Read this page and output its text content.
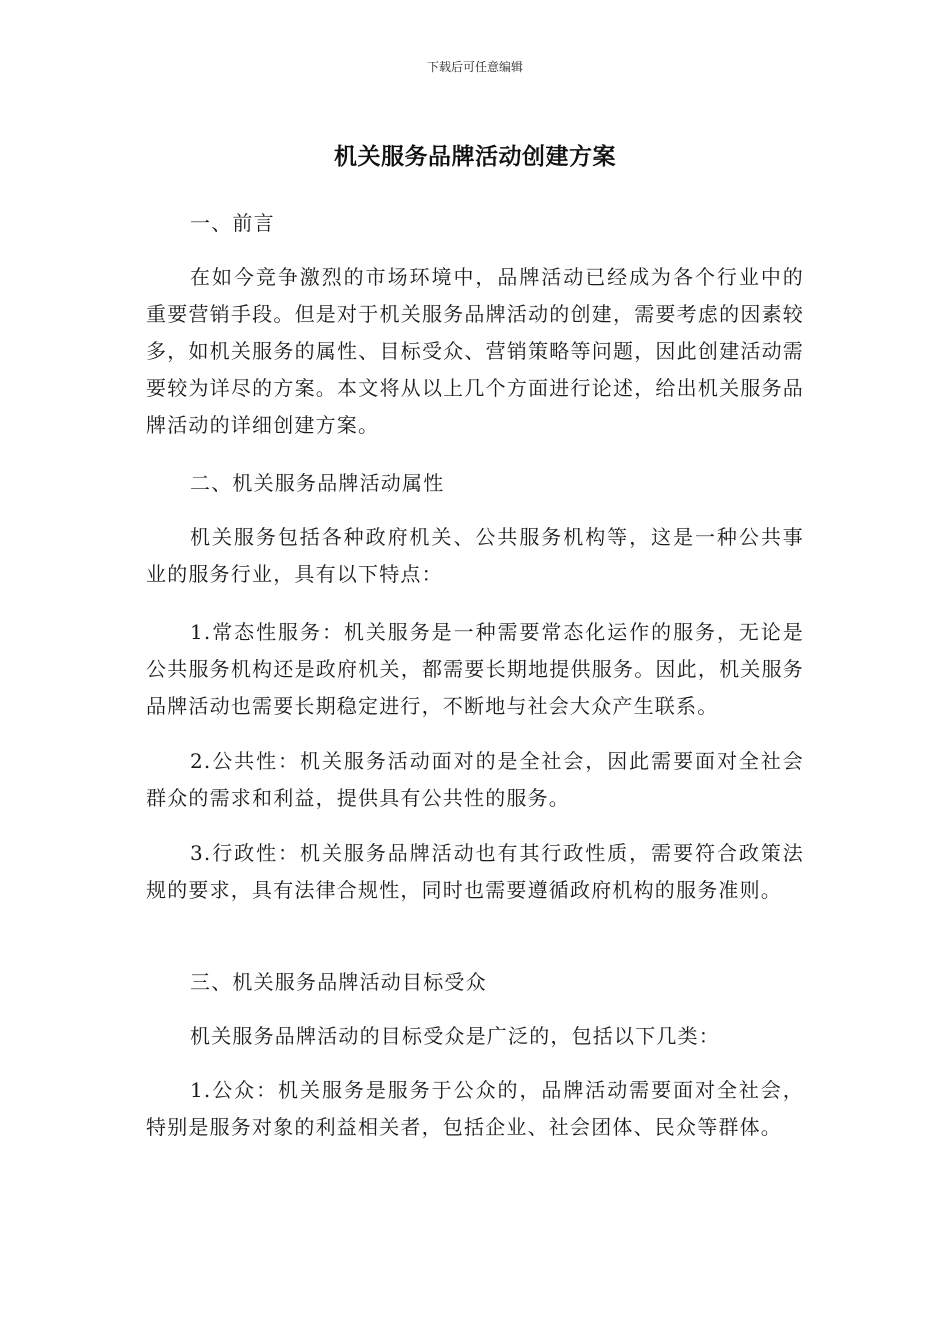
下载后可任意编辑
机关服务品牌活动创建方案

一、前言

在如今竞争激烈的市场环境中，品牌活动已经成为各个行业中的重要营销手段。但是对于机关服务品牌活动的创建，需要考虑的因素较多，如机关服务的属性、目标受众、营销策略等问题，因此创建活动需要较为详尽的方案。本文将从以上几个方面进行论述，给出机关服务品牌活动的详细创建方案。

二、机关服务品牌活动属性

机关服务包括各种政府机关、公共服务机构等，这是一种公共事业的服务行业，具有以下特点：

1.常态性服务：机关服务是一种需要常态化运作的服务，无论是公共服务机构还是政府机关，都需要长期地提供服务。因此，机关服务品牌活动也需要长期稳定进行，不断地与社会大众产生联系。

2.公共性：机关服务活动面对的是全社会，因此需要面对全社会群众的需求和利益，提供具有公共性的服务。

3.行政性：机关服务品牌活动也有其行政性质，需要符合政策法规的要求，具有法律合规性，同时也需要遵循政府机构的服务准则。

三、机关服务品牌活动目标受众

机关服务品牌活动的目标受众是广泛的，包括以下几类：

1.公众：机关服务是服务于公众的，品牌活动需要面对全社会，特别是服务对象的利益相关者，包括企业、社会团体、民众等群体。
